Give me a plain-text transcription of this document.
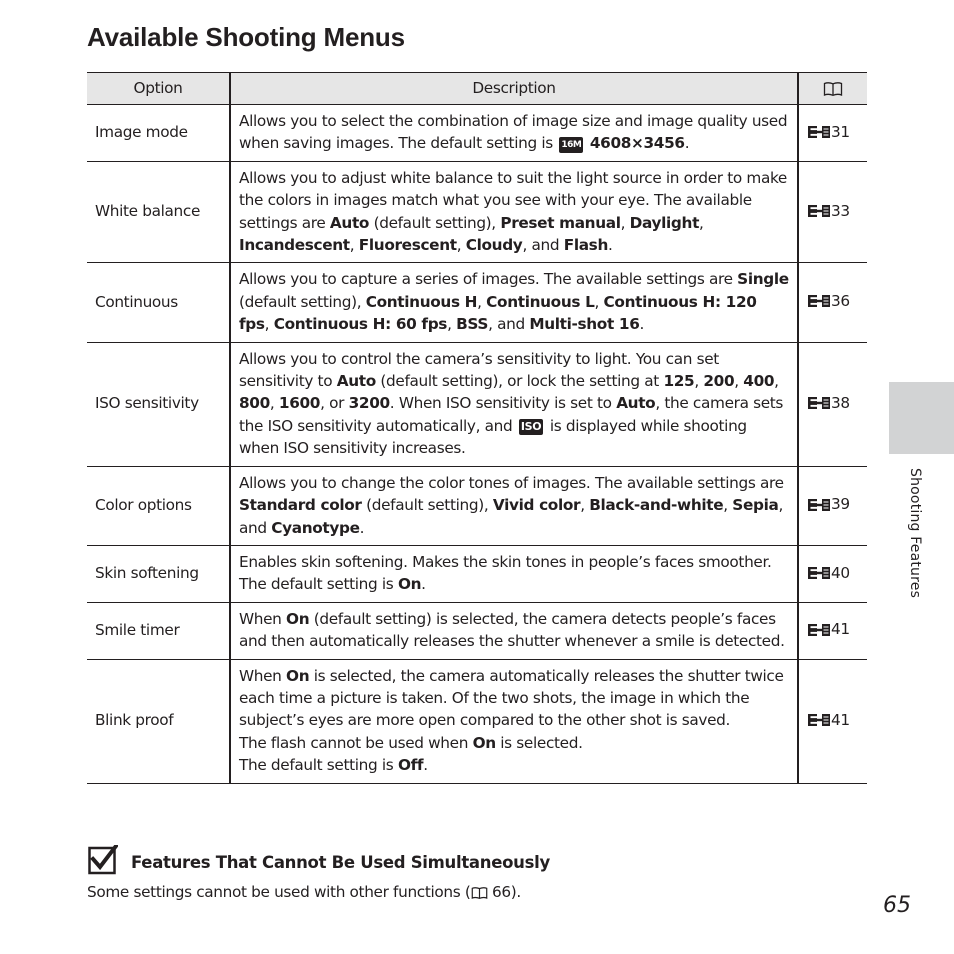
Available Shooting Menus
Option	Description	
Image mode	Allows you to select the combination of image size and image quality used when saving images. The default setting is 16M 4608×3456.	31

White balance	Allows you to adjust white balance to suit the light source in order to make the colors in images match what you see with your eye. The available settings are Auto (default setting), Preset manual, Daylight, Incandescent, Fluorescent, Cloudy, and Flash.	33

Continuous	Allows you to capture a series of images. The available settings are Single (default setting), Continuous H, Continuous L, Continuous H: 120 fps, Continuous H: 60 fps, BSS, and Multi-shot 16.	36

ISO sensitivity	Allows you to control the camera’s sensitivity to light. You can set sensitivity to Auto (default setting), or lock the setting at 125, 200, 400, 800, 1600, or 3200. When ISO sensitivity is set to Auto, the camera sets the ISO sensitivity automatically, and ISO is displayed while shooting when ISO sensitivity increases.	38

Color options	Allows you to change the color tones of images. The available settings are Standard color (default setting), Vivid color, Black-and-white, Sepia, and Cyanotype.	39

Skin softening	Enables skin softening. Makes the skin tones in people’s faces smoother. The default setting is On.	40

Smile timer	When On (default setting) is selected, the camera detects people’s faces and then automatically releases the shutter whenever a smile is detected.	41

Blink proof	When On is selected, the camera automatically releases the shutter twice each time a picture is taken. Of the two shots, the image in which the subject’s eyes are more open compared to the other shot is saved.
The flash cannot be used when On is selected.
The default setting is Off.	41
Shooting Features
Features That Cannot Be Used Simultaneously
Some settings cannot be used with other functions ( 66).
65
